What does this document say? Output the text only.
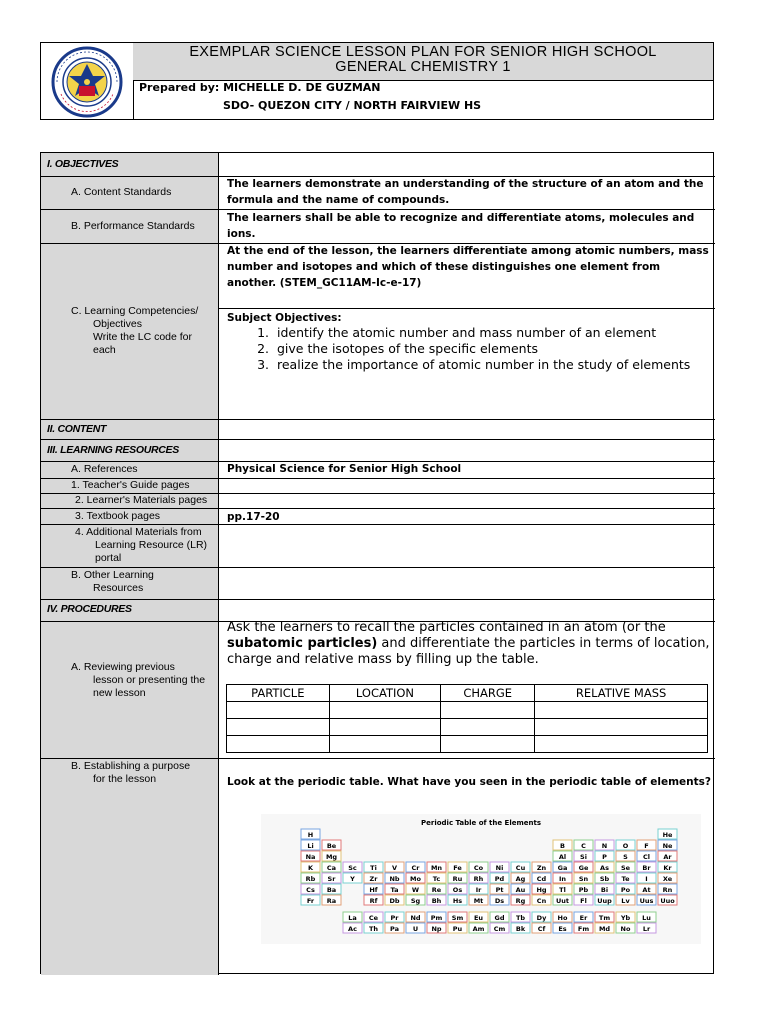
EXEMPLAR SCIENCE LESSON PLAN FOR SENIOR HIGH SCHOOL
GENERAL CHEMISTRY 1
Prepared by: MICHELLE D. DE GUZMAN
SDO- QUEZON CITY / NORTH FAIRVIEW HS
I. OBJECTIVES
A. Content Standards
The learners demonstrate an understanding of the structure of an atom and the formula and the name of compounds.
B. Performance Standards
The learners shall be able to recognize and differentiate atoms, molecules and ions.
C. Learning Competencies/
Objectives
Write the LC code for
each
At the end of the lesson, the learners differentiate among atomic numbers, mass number and isotopes and which of these distinguishes one element from another. (STEM_GC11AM-Ic-e-17)
Subject Objectives:
1. identify the atomic number and mass number of an element
2. give the isotopes of the specific elements
3. realize the importance of atomic number in the study of elements
II. CONTENT
III. LEARNING RESOURCES
A. References	Physical Science for Senior High School
1. Teacher's Guide pages
2. Learner's Materials pages
3. Textbook pages	pp.17-20
4. Additional Materials from
Learning Resource (LR)
portal
B. Other Learning
Resources
IV. PROCEDURES
A. Reviewing previous
lesson or presenting the
new lesson
Ask the learners to recall the particles contained in an atom (or the subatomic particles) and differentiate the particles in terms of location, charge and relative mass by filling up the table.
PARTICLE	LOCATION	CHARGE	RELATIVE MASS

B. Establishing a purpose
for the lesson	Look at the periodic table. What have you seen in the periodic table of elements?
Periodic Table of the Elements
H	He
Li Be	B C N O F Ne
Na Mg	Al Si P	S Cl Ar
K Ca Sc Ti V Cr Mn Fe Co Ni Cu Zn Ga Ge As Se Br Kr
Rb Sr Y Zr Nb Mo Tc Ru Rh Pd Ag Cd In Sn Sb Te I Xe
Cs Ba	Hf Ta W Re Os Ir Pt Au Hg Tl Pb Bi Po At Rn
Fr Ra	Rf Db Sg Bh Hs Mt Ds Rg Cn Uut Fl Uup Lv Uus Uuo
La Ce Pr Nd Pm Sm Eu Gd Tb Dy Ho Er Tm Yb Lu
Ac Th Pa U Np Pu Am Cm Bk Cf Es Fm Md No Lr
